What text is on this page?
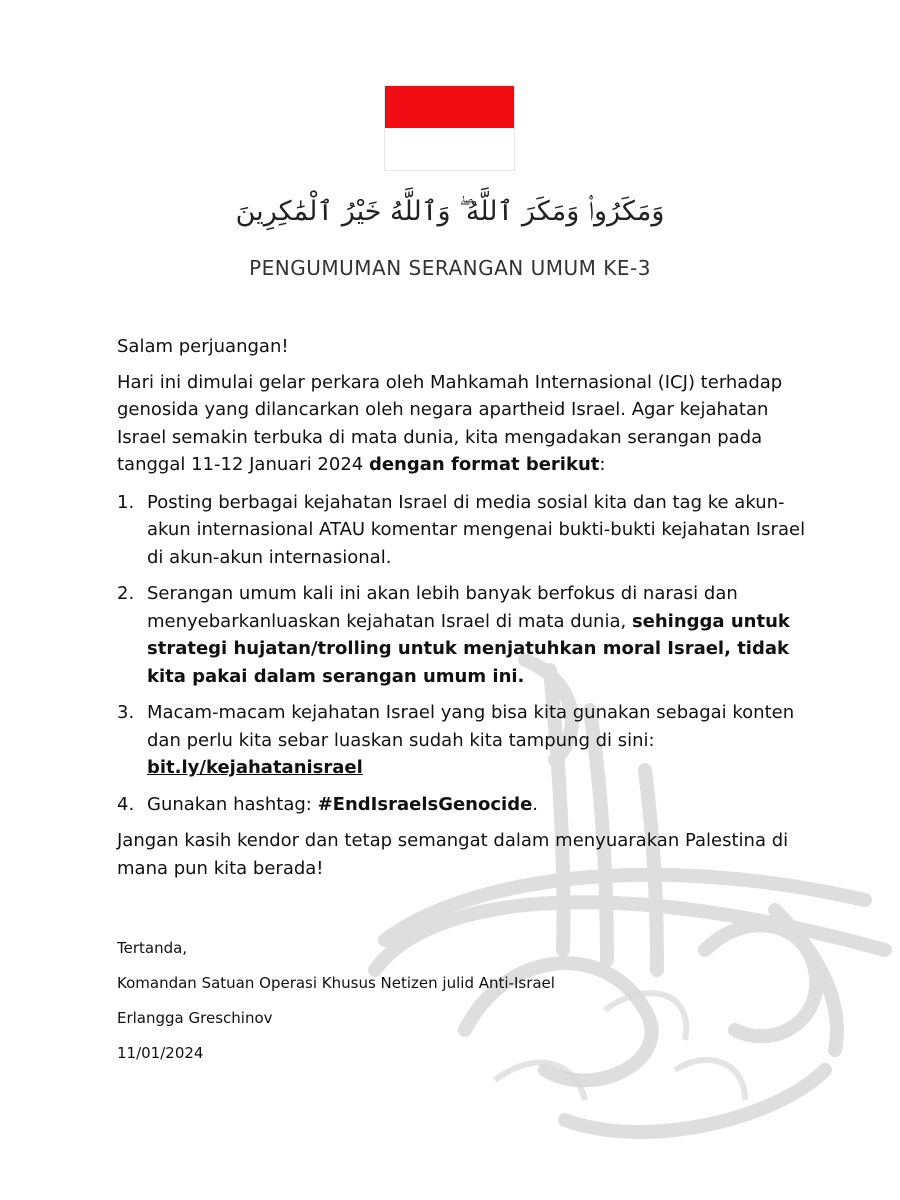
وَمَكَرُوا۟ وَمَكَرَ ٱللَّهُ ۖ وَٱللَّهُ خَيْرُ ٱلْمَٰكِرِينَ
PENGUMUMAN SERANGAN UMUM KE-3

Salam perjuangan!

Hari ini dimulai gelar perkara oleh Mahkamah Internasional (ICJ) terhadap genosida yang dilancarkan oleh negara apartheid Israel. Agar kejahatan Israel semakin terbuka di mata dunia, kita mengadakan serangan pada tanggal 11-12 Januari 2024 dengan format berikut:

1. Posting berbagai kejahatan Israel di media sosial kita dan tag ke akun-akun internasional ATAU komentar mengenai bukti-bukti kejahatan Israel di akun-akun internasional.
2. Serangan umum kali ini akan lebih banyak berfokus di narasi dan menyebarkanluaskan kejahatan Israel di mata dunia, sehingga untuk strategi hujatan/trolling untuk menjatuhkan moral Israel, tidak kita pakai dalam serangan umum ini.
3. Macam-macam kejahatan Israel yang bisa kita gunakan sebagai konten dan perlu kita sebar luaskan sudah kita tampung di sini: bit.ly/kejahatanisrael
4. Gunakan hashtag: #EndIsraelsGenocide.

Jangan kasih kendor dan tetap semangat dalam menyuarakan Palestina di mana pun kita berada!

Tertanda,
Komandan Satuan Operasi Khusus Netizen julid Anti-Israel
Erlangga Greschinov
11/01/2024
